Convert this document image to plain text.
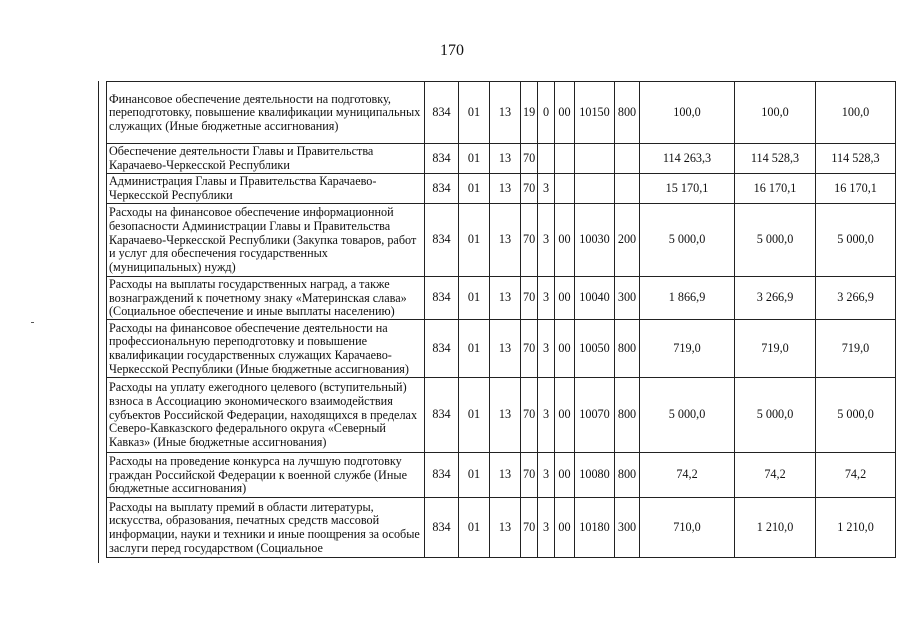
170
Финансовое обеспечение деятельности на подготовку, переподготовку, повышение квалификации муниципальных служащих (Иные бюджетные ассигнования)	834	01	13	19	0	00	10150	800	100,0	100,0	100,0
Обеспечение деятельности Главы и Правительства Карачаево-Черкесской Республики	834	01	13	70					114 263,3	114 528,3	114 528,3
Администрация Главы и Правительства Карачаево-Черкесской Республики	834	01	13	70	3				15 170,1	16 170,1	16 170,1
Расходы на финансовое обеспечение информационной безопасности Администрации Главы и Правительства Карачаево-Черкесской Республики (Закупка товаров, работ и услуг для обеспечения государственных (муниципальных) нужд)	834	01	13	70	3	00	10030	200	5 000,0	5 000,0	5 000,0
Расходы на выплаты государственных наград, а также вознаграждений к почетному знаку «Материнская слава» (Социальное обеспечение и иные выплаты населению)	834	01	13	70	3	00	10040	300	1 866,9	3 266,9	3 266,9
Расходы на финансовое обеспечение деятельности на профессиональную переподготовку и повышение квалификации государственных служащих Карачаево-Черкесской Республики (Иные бюджетные ассигнования)	834	01	13	70	3	00	10050	800	719,0	719,0	719,0
Расходы на уплату ежегодного целевого (вступительный) взноса в Ассоциацию экономического взаимодействия субъектов Российской Федерации, находящихся в пределах Северо-Кавказского федерального округа «Северный Кавказ» (Иные бюджетные ассигнования)	834	01	13	70	3	00	10070	800	5 000,0	5 000,0	5 000,0
Расходы на проведение конкурса на лучшую подготовку граждан Российской Федерации к военной службе (Иные бюджетные ассигнования)	834	01	13	70	3	00	10080	800	74,2	74,2	74,2
Расходы на выплату премий в области литературы, искусства, образования, печатных средств массовой информации, науки и техники и иные поощрения за особые заслуги перед государством (Социальное	834	01	13	70	3	00	10180	300	710,0	1 210,0	1 210,0
